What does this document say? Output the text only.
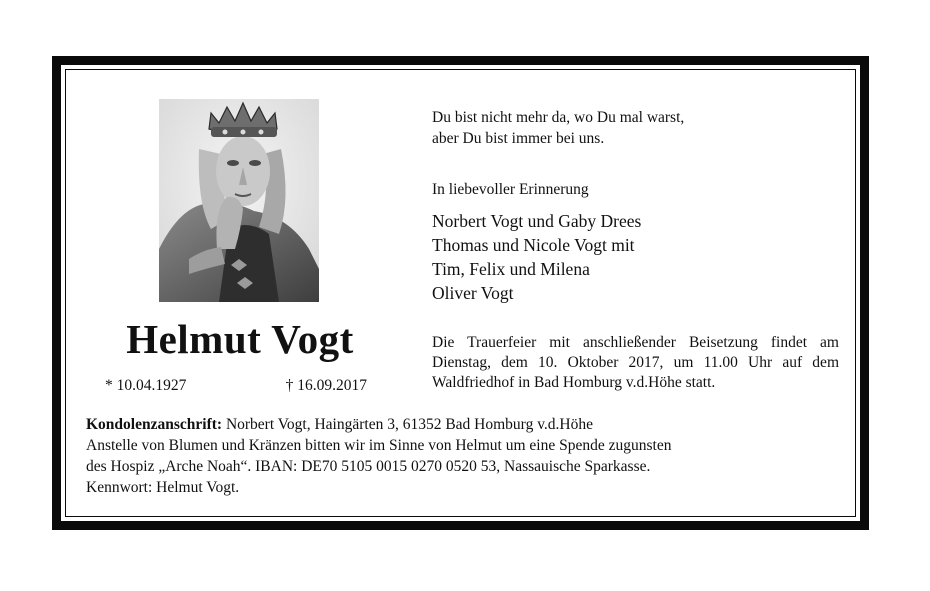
Helmut Vogt
* 10.04.1927	† 16.09.2017
Du bist nicht mehr da, wo Du mal warst,
aber Du bist immer bei uns.
In liebevoller Erinnerung
Norbert Vogt und Gaby Drees
Thomas und Nicole Vogt mit
Tim, Felix und Milena
Oliver Vogt
Die Trauerfeier mit anschließender Beisetzung findet am Dienstag, dem 10. Oktober 2017, um 11.00 Uhr auf dem Waldfriedhof in Bad Homburg v.d.Höhe statt.
Kondolenzanschrift: Norbert Vogt, Haingärten 3, 61352 Bad Homburg v.d.Höhe
Anstelle von Blumen und Kränzen bitten wir im Sinne von Helmut um eine Spende zugunsten
des Hospiz „Arche Noah“. IBAN: DE70 5105 0015 0270 0520 53, Nassauische Sparkasse.
Kennwort: Helmut Vogt.
